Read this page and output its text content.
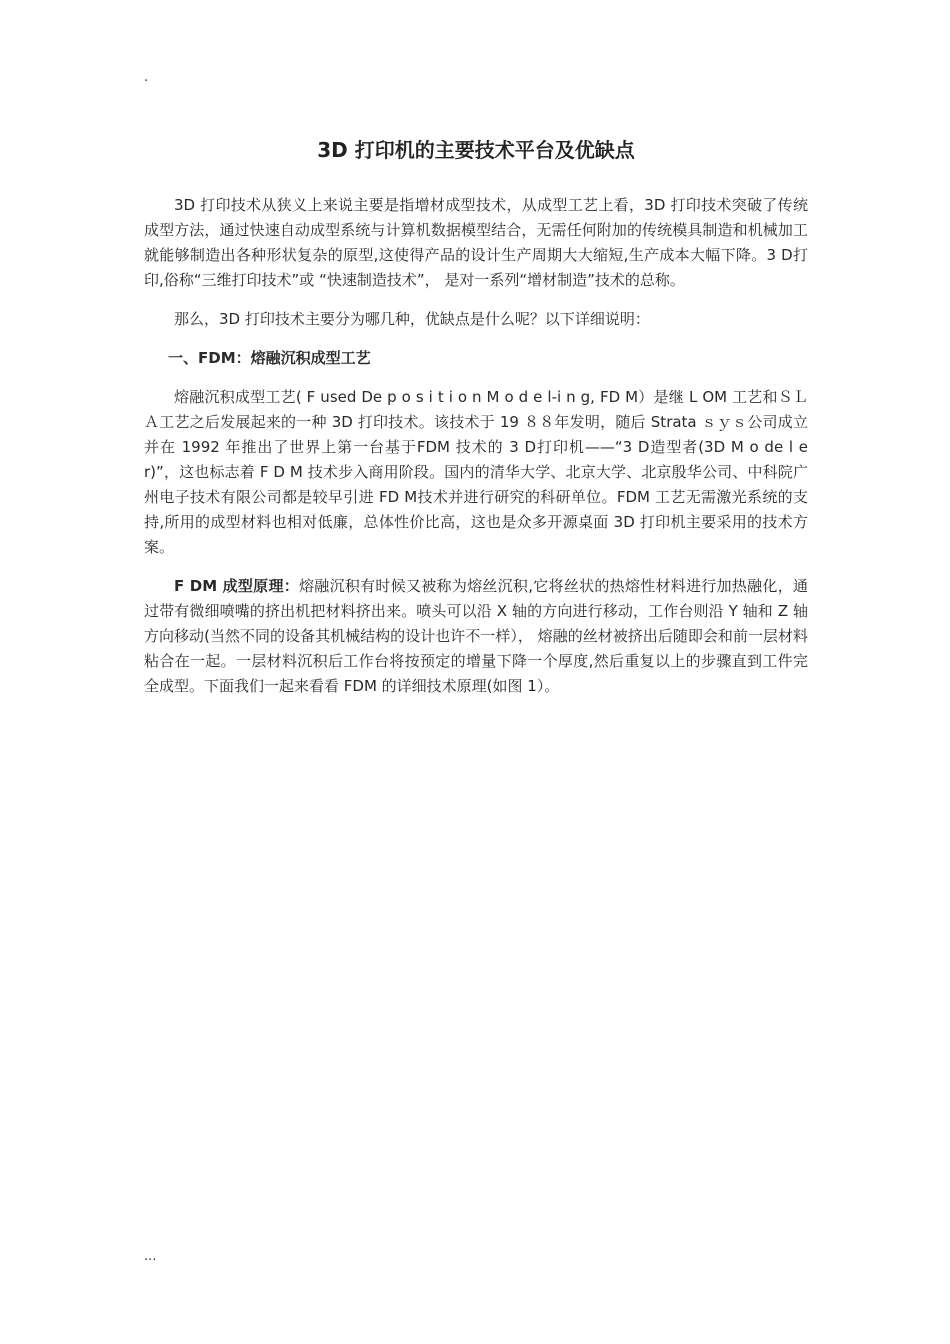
.
3D 打印机的主要技术平台及优缺点

3D 打印技术从狭义上来说主要是指增材成型技术，从成型工艺上看，3D 打印技术突破了传统成型方法，通过快速自动成型系统与计算机数据模型结合，无需任何附加的传统模具制造和机械加工就能够制造出各种形状复杂的原型,这使得产品的设计生产周期大大缩短,生产成本大幅下降。3 D打印,俗称“三维打印技术”或 “快速制造技术”， 是对一系列“增材制造”技术的总称。

那么，3D 打印技术主要分为哪几种，优缺点是什么呢？以下详细说明：

一、FDM：熔融沉积成型工艺

熔融沉积成型工艺( F used De p o s i t i o n M o d e l-i n g, FD M）是继 L OM 工艺和ＳＬＡ工艺之后发展起来的一种 3D 打印技术。该技术于 19 ８８年发明，随后 Strata ｓｙｓ公司成立并在 1992 年推出了世界上第一台基于FDM 技术的 3 D打印机——“3 D造型者(3D M o de l er)”，这也标志着 F D M 技术步入商用阶段。国内的清华大学、北京大学、北京殷华公司、中科院广州电子技术有限公司都是较早引进 FD M技术并进行研究的科研单位。FDM 工艺无需激光系统的支持,所用的成型材料也相对低廉，总体性价比高，这也是众多开源桌面 3D 打印机主要采用的技术方案。

F DM 成型原理：熔融沉积有时候又被称为熔丝沉积,它将丝状的热熔性材料进行加热融化，通过带有微细喷嘴的挤出机把材料挤出来。喷头可以沿 X 轴的方向进行移动，工作台则沿 Y 轴和 Z 轴方向移动(当然不同的设备其机械结构的设计也许不一样）， 熔融的丝材被挤出后随即会和前一层材料粘合在一起。一层材料沉积后工作台将按预定的增量下降一个厚度,然后重复以上的步骤直到工件完全成型。下面我们一起来看看 FDM 的详细技术原理(如图 1）。

...
